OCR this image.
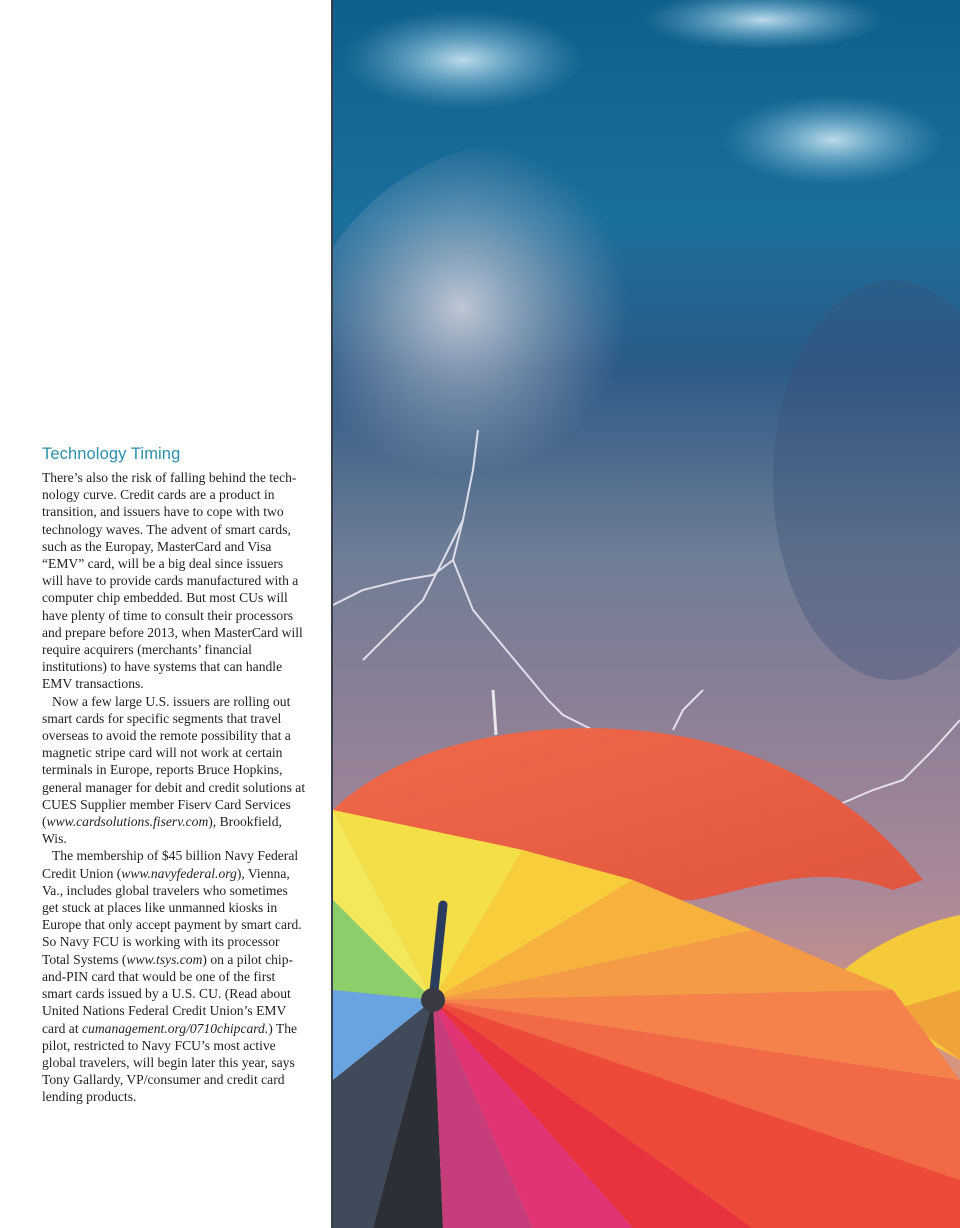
Technology Timing

There’s also the risk of falling behind the technology curve. Credit cards are a product in transition, and issuers have to cope with two technology waves. The advent of smart cards, such as the Europay, MasterCard and Visa “EMV” card, will be a big deal since issuers will have to provide cards manufactured with a computer chip embedded. But most CUs will have plenty of time to consult their processors and prepare before 2013, when MasterCard will require acquirers (merchants’ financial institutions) to have systems that can handle EMV transactions.

Now a few large U.S. issuers are rolling out smart cards for specific segments that travel overseas to avoid the remote possibility that a magnetic stripe card will not work at certain terminals in Europe, reports Bruce Hopkins, general manager for debit and credit solutions at CUES Supplier member Fiserv Card Services (www.cardsolutions.fiserv.com), Brookfield, Wis.

The membership of $45 billion Navy Federal Credit Union (www.navyfederal.org), Vienna, Va., includes global travelers who sometimes get stuck at places like unmanned kiosks in Europe that only accept payment by smart card. So Navy FCU is working with its processor Total Systems (www.tsys.com) on a pilot chip-and-PIN card that would be one of the first smart cards issued by a U.S. CU. (Read about United Nations Federal Credit Union’s EMV card at cumanagement.org/0710chipcard.) The pilot, restricted to Navy FCU’s most active global travelers, will begin later this year, says Tony Gallardy, VP/consumer and credit card lending products.
